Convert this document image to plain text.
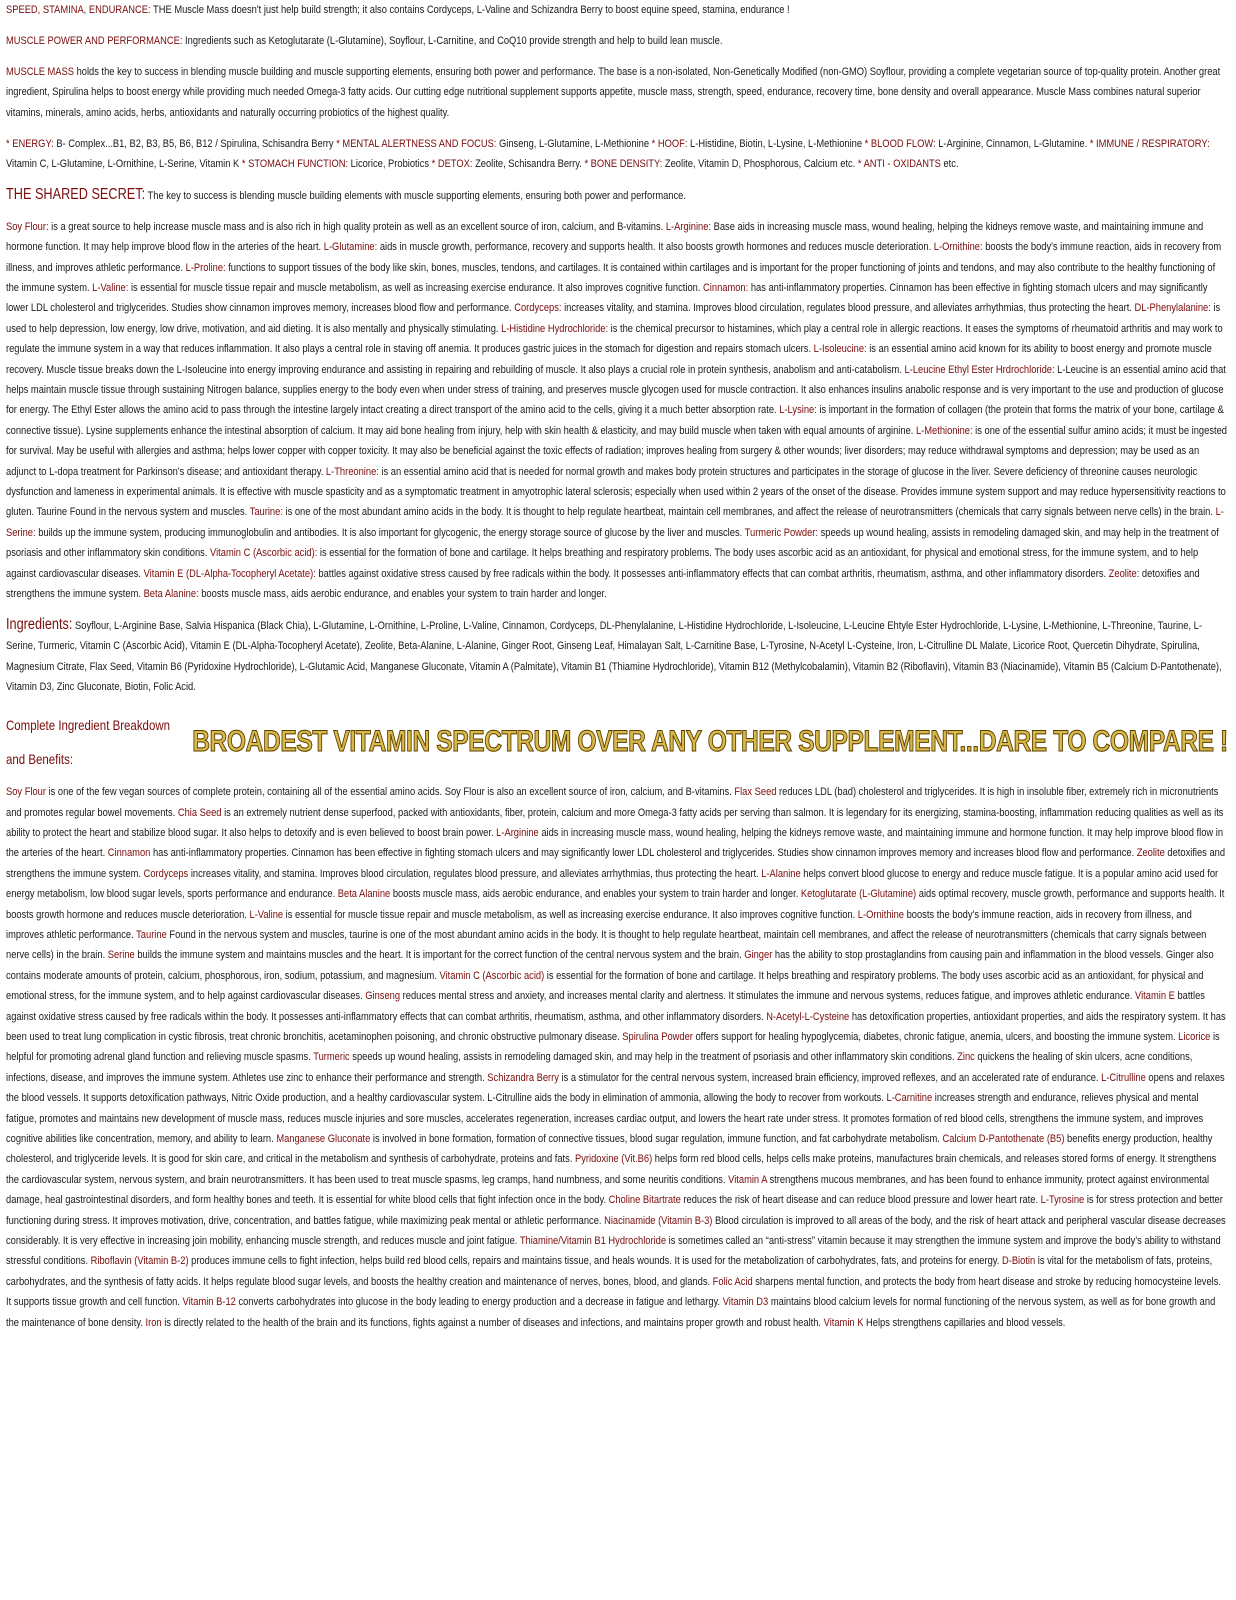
SPEED, STAMINA, ENDURANCE: THE Muscle Mass doesn't just help build strength; it also contains Cordyceps, L-Valine and Schizandra Berry to boost equine speed, stamina, endurance !

MUSCLE POWER AND PERFORMANCE: Ingredients such as Ketoglutarate (L-Glutamine), Soyflour, L-Carnitine, and CoQ10 provide strength and help to build lean muscle.

MUSCLE MASS holds the key to success in blending muscle building and muscle supporting elements, ensuring both power and performance. The base is a non-isolated, Non-Genetically Modified (non-GMO) Soyflour, providing a complete vegetarian source of top-quality protein. Another great ingredient, Spirulina helps to boost energy while providing much needed Omega-3 fatty acids. Our cutting edge nutritional supplement supports appetite, muscle mass, strength, speed, endurance, recovery time, bone density and overall appearance. Muscle Mass combines natural superior vitamins, minerals, amino acids, herbs, antioxidants and naturally occurring probiotics of the highest quality.

* ENERGY: B- Complex...B1, B2, B3, B5, B6, B12 / Spirulina, Schisandra Berry * MENTAL ALERTNESS AND FOCUS: Ginseng, L-Glutamine, L-Methionine * HOOF: L-Histidine, Biotin, L-Lysine, L-Methionine * BLOOD FLOW: L-Arginine, Cinnamon, L-Glutamine. * IMMUNE / RESPIRATORY: Vitamin C, L-Glutamine, L-Ornithine, L-Serine, Vitamin K * STOMACH FUNCTION: Licorice, Probiotics * DETOX: Zeolite, Schisandra Berry. * BONE DENSITY: Zeolite, Vitamin D, Phosphorous, Calcium etc. * ANTI - OXIDANTS etc.

THE SHARED SECRET: The key to success is blending muscle building elements with muscle supporting elements, ensuring both power and performance.

Soy Flour: is a great source to help increase muscle mass and is also rich in high quality protein as well as an excellent source of iron, calcium, and B-vitamins. L-Arginine: Base aids in increasing muscle mass, wound healing, helping the kidneys remove waste, and maintaining immune and hormone function. It may help improve blood flow in the arteries of the heart. L-Glutamine: aids in muscle growth, performance, recovery and supports health. It also boosts growth hormones and reduces muscle deterioration. L-Ornithine: boosts the body's immune reaction, aids in recovery from illness, and improves athletic performance. L-Proline: functions to support tissues of the body like skin, bones, muscles, tendons, and cartilages. It is contained within cartilages and is important for the proper functioning of joints and tendons, and may also contribute to the healthy functioning of the immune system. L-Valine: is essential for muscle tissue repair and muscle metabolism, as well as increasing exercise endurance. It also improves cognitive function. Cinnamon: has anti-inflammatory properties. Cinnamon has been effective in fighting stomach ulcers and may significantly lower LDL cholesterol and triglycerides. Studies show cinnamon improves memory, increases blood flow and performance. Cordyceps: increases vitality, and stamina. Improves blood circulation, regulates blood pressure, and alleviates arrhythmias, thus protecting the heart. DL-Phenylalanine: is used to help depression, low energy, low drive, motivation, and aid dieting. It is also mentally and physically stimulating. L-Histidine Hydrochloride: is the chemical precursor to histamines, which play a central role in allergic reactions. It eases the symptoms of rheumatoid arthritis and may work to regulate the immune system in a way that reduces inflammation. It also plays a central role in staving off anemia. It produces gastric juices in the stomach for digestion and repairs stomach ulcers. L-Isoleucine: is an essential amino acid known for its ability to boost energy and promote muscle recovery. Muscle tissue breaks down the L-Isoleucine into energy improving endurance and assisting in repairing and rebuilding of muscle. It also plays a crucial role in protein synthesis, anabolism and anti-catabolism. L-Leucine Ethyl Ester Hrdrochloride: L-Leucine is an essential amino acid that helps maintain muscle tissue through sustaining Nitrogen balance, supplies energy to the body even when under stress of training, and preserves muscle glycogen used for muscle contraction. It also enhances insulins anabolic response and is very important to the use and production of glucose for energy. The Ethyl Ester allows the amino acid to pass through the intestine largely intact creating a direct transport of the amino acid to the cells, giving it a much better absorption rate. L-Lysine: is important in the formation of collagen (the protein that forms the matrix of your bone, cartilage & connective tissue). Lysine supplements enhance the intestinal absorption of calcium. It may aid bone healing from injury, help with skin health & elasticity, and may build muscle when taken with equal amounts of arginine. L-Methionine: is one of the essential sulfur amino acids; it must be ingested for survival. May be useful with allergies and asthma; helps lower copper with copper toxicity. It may also be beneficial against the toxic effects of radiation; improves healing from surgery & other wounds; liver disorders; may reduce withdrawal symptoms and depression; may be used as an adjunct to L-dopa treatment for Parkinson's disease; and antioxidant therapy. L-Threonine: is an essential amino acid that is needed for normal growth and makes body protein structures and participates in the storage of glucose in the liver. Severe deficiency of threonine causes neurologic dysfunction and lameness in experimental animals. It is effective with muscle spasticity and as a symptomatic treatment in amyotrophic lateral sclerosis; especially when used within 2 years of the onset of the disease. Provides immune system support and may reduce hypersensitivity reactions to gluten. Taurine Found in the nervous system and muscles. Taurine: is one of the most abundant amino acids in the body. It is thought to help regulate heartbeat, maintain cell membranes, and affect the release of neurotransmitters (chemicals that carry signals between nerve cells) in the brain. L-Serine: builds up the immune system, producing immunoglobulin and antibodies. It is also important for glycogenic, the energy storage source of glucose by the liver and muscles. Turmeric Powder: speeds up wound healing, assists in remodeling damaged skin, and may help in the treatment of psoriasis and other inflammatory skin conditions. Vitamin C (Ascorbic acid): is essential for the formation of bone and cartilage. It helps breathing and respiratory problems. The body uses ascorbic acid as an antioxidant, for physical and emotional stress, for the immune system, and to help against cardiovascular diseases. Vitamin E (DL-Alpha-Tocopheryl Acetate): battles against oxidative stress caused by free radicals within the body. It possesses anti-inflammatory effects that can combat arthritis, rheumatism, asthma, and other inflammatory disorders. Zeolite: detoxifies and strengthens the immune system. Beta Alanine: boosts muscle mass, aids aerobic endurance, and enables your system to train harder and longer.

Ingredients: Soyflour, L-Arginine Base, Salvia Hispanica (Black Chia), L-Glutamine, L-Ornithine, L-Proline, L-Valine, Cinnamon, Cordyceps, DL-Phenylalanine, L-Histidine Hydrochloride, L-Isoleucine, L-Leucine Ehtyle Ester Hydrochloride, L-Lysine, L-Methionine, L-Threonine, Taurine, L-Serine, Turmeric, Vitamin C (Ascorbic Acid), Vitamin E (DL-Alpha-Tocopheryl Acetate), Zeolite, Beta-Alanine, L-Alanine, Ginger Root, Ginseng Leaf, Himalayan Salt, L-Carnitine Base, L-Tyrosine, N-Acetyl L-Cysteine, Iron, L-Citrulline DL Malate, Licorice Root, Quercetin Dihydrate, Spirulina, Magnesium Citrate, Flax Seed, Vitamin B6 (Pyridoxine Hydrochloride), L-Glutamic Acid, Manganese Gluconate, Vitamin A (Palmitate), Vitamin B1 (Thiamine Hydrochloride), Vitamin B12 (Methylcobalamin), Vitamin B2 (Riboflavin), Vitamin B3 (Niacinamide), Vitamin B5 (Calcium D-Pantothenate), Vitamin D3, Zinc Gluconate, Biotin, Folic Acid.

Complete Ingredient Breakdown and Benefits:
BROADEST VITAMIN SPECTRUM OVER ANY OTHER SUPPLEMENT...DARE TO COMPARE !

Soy Flour is one of the few vegan sources of complete protein, containing all of the essential amino acids. Soy Flour is also an excellent source of iron, calcium, and B-vitamins. Flax Seed reduces LDL (bad) cholesterol and triglycerides. It is high in insoluble fiber, extremely rich in micronutrients and promotes regular bowel movements. Chia Seed is an extremely nutrient dense superfood, packed with antioxidants, fiber, protein, calcium and more Omega-3 fatty acids per serving than salmon. It is legendary for its energizing, stamina-boosting, inflammation reducing qualities as well as its ability to protect the heart and stabilize blood sugar. It also helps to detoxify and is even believed to boost brain power. L-Arginine aids in increasing muscle mass, wound healing, helping the kidneys remove waste, and maintaining immune and hormone function. It may help improve blood flow in the arteries of the heart. Cinnamon has anti-inflammatory properties. Cinnamon has been effective in fighting stomach ulcers and may significantly lower LDL cholesterol and triglycerides. Studies show cinnamon improves memory and increases blood flow and performance. Zeolite detoxifies and strengthens the immune system. Cordyceps increases vitality, and stamina. Improves blood circulation, regulates blood pressure, and alleviates arrhythmias, thus protecting the heart. L-Alanine helps convert blood glucose to energy and reduce muscle fatigue. It is a popular amino acid used for energy metabolism, low blood sugar levels, sports performance and endurance. Beta Alanine boosts muscle mass, aids aerobic endurance, and enables your system to train harder and longer. Ketoglutarate (L-Glutamine) aids optimal recovery, muscle growth, performance and supports health. It boosts growth hormone and reduces muscle deterioration. L-Valine is essential for muscle tissue repair and muscle metabolism, as well as increasing exercise endurance. It also improves cognitive function. L-Ornithine boosts the body's immune reaction, aids in recovery from illness, and improves athletic performance. Taurine Found in the nervous system and muscles, taurine is one of the most abundant amino acids in the body. It is thought to help regulate heartbeat, maintain cell membranes, and affect the release of neurotransmitters (chemicals that carry signals between nerve cells) in the brain. Serine builds the immune system and maintains muscles and the heart. It is important for the correct function of the central nervous system and the brain. Ginger has the ability to stop prostaglandins from causing pain and inflammation in the blood vessels. Ginger also contains moderate amounts of protein, calcium, phosphorous, iron, sodium, potassium, and magnesium. Vitamin C (Ascorbic acid) is essential for the formation of bone and cartilage. It helps breathing and respiratory problems. The body uses ascorbic acid as an antioxidant, for physical and emotional stress, for the immune system, and to help against cardiovascular diseases. Ginseng reduces mental stress and anxiety, and increases mental clarity and alertness. It stimulates the immune and nervous systems, reduces fatigue, and improves athletic endurance. Vitamin E battles against oxidative stress caused by free radicals within the body. It possesses anti-inflammatory effects that can combat arthritis, rheumatism, asthma, and other inflammatory disorders. N-Acetyl-L-Cysteine has detoxification properties, antioxidant properties, and aids the respiratory system. It has been used to treat lung complication in cystic fibrosis, treat chronic bronchitis, acetaminophen poisoning, and chronic obstructive pulmonary disease. Spirulina Powder offers support for healing hypoglycemia, diabetes, chronic fatigue, anemia, ulcers, and boosting the immune system. Licorice is helpful for promoting adrenal gland function and relieving muscle spasms. Turmeric speeds up wound healing, assists in remodeling damaged skin, and may help in the treatment of psoriasis and other inflammatory skin conditions. Zinc quickens the healing of skin ulcers, acne conditions, infections, disease, and improves the immune system. Athletes use zinc to enhance their performance and strength. Schizandra Berry is a stimulator for the central nervous system, increased brain efficiency, improved reflexes, and an accelerated rate of endurance. L-Citrulline opens and relaxes the blood vessels. It supports detoxification pathways, Nitric Oxide production, and a healthy cardiovascular system. L-Citrulline aids the body in elimination of ammonia, allowing the body to recover from workouts. L-Carnitine increases strength and endurance, relieves physical and mental fatigue, promotes and maintains new development of muscle mass, reduces muscle injuries and sore muscles, accelerates regeneration, increases cardiac output, and lowers the heart rate under stress. It promotes formation of red blood cells, strengthens the immune system, and improves cognitive abilities like concentration, memory, and ability to learn. Manganese Gluconate is involved in bone formation, formation of connective tissues, blood sugar regulation, immune function, and fat carbohydrate metabolism. Calcium D-Pantothenate (B5) benefits energy production, healthy cholesterol, and triglyceride levels. It is good for skin care, and critical in the metabolism and synthesis of carbohydrate, proteins and fats. Pyridoxine (Vit.B6) helps form red blood cells, helps cells make proteins, manufactures brain chemicals, and releases stored forms of energy. It strengthens the cardiovascular system, nervous system, and brain neurotransmitters. It has been used to treat muscle spasms, leg cramps, hand numbness, and some neuritis conditions. Vitamin A strengthens mucous membranes, and has been found to enhance immunity, protect against environmental damage, heal gastrointestinal disorders, and form healthy bones and teeth. It is essential for white blood cells that fight infection once in the body. Choline Bitartrate reduces the risk of heart disease and can reduce blood pressure and lower heart rate. L-Tyrosine is for stress protection and better functioning during stress. It improves motivation, drive, concentration, and battles fatigue, while maximizing peak mental or athletic performance. Niacinamide (Vitamin B-3) Blood circulation is improved to all areas of the body, and the risk of heart attack and peripheral vascular disease decreases considerably. It is very effective in increasing join mobility, enhancing muscle strength, and reduces muscle and joint fatigue. Thiamine/Vitamin B1 Hydrochloride is sometimes called an “anti-stress” vitamin because it may strengthen the immune system and improve the body's ability to withstand stressful conditions. Riboflavin (Vitamin B-2) produces immune cells to fight infection, helps build red blood cells, repairs and maintains tissue, and heals wounds. It is used for the metabolization of carbohydrates, fats, and proteins for energy. D-Biotin is vital for the metabolism of fats, proteins, carbohydrates, and the synthesis of fatty acids. It helps regulate blood sugar levels, and boosts the healthy creation and maintenance of nerves, bones, blood, and glands. Folic Acid sharpens mental function, and protects the body from heart disease and stroke by reducing homocysteine levels. It supports tissue growth and cell function. Vitamin B-12 converts carbohydrates into glucose in the body leading to energy production and a decrease in fatigue and lethargy. Vitamin D3 maintains blood calcium levels for normal functioning of the nervous system, as well as for bone growth and the maintenance of bone density. Iron is directly related to the health of the brain and its functions, fights against a number of diseases and infections, and maintains proper growth and robust health. Vitamin K Helps strengthens capillaries and blood vessels.
